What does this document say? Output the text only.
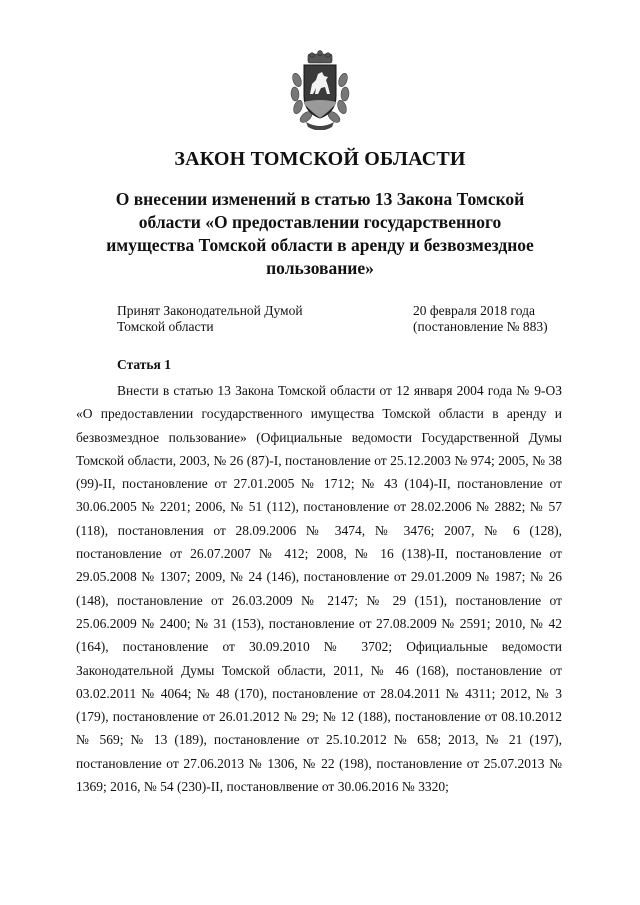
ЗАКОН ТОМСКОЙ ОБЛАСТИ
О внесении изменений в статью 13 Закона Томской
области «О предоставлении государственного
имущества Томской области в аренду и безвозмездное
пользование»
Принят Законодательной Думой
Томской области
20 февраля 2018 года
(постановление № 883)
Статья 1

Внести в статью 13 Закона Томской области от 12 января 2004 года № 9-ОЗ «О предоставлении государственного имущества Томской области в аренду и безвозмездное пользование» (Официальные ведомости Государственной Думы Томской области, 2003, № 26 (87)-I, постановление от 25.12.2003 № 974; 2005, № 38 (99)-II, постановление от 27.01.2005 № 1712; № 43 (104)-II, постановление от 30.06.2005 № 2201; 2006, № 51 (112), постановление от 28.02.2006 № 2882; № 57 (118), постановления от 28.09.2006 № 3474, № 3476; 2007, № 6 (128), постановление от 26.07.2007 № 412; 2008, № 16 (138)-II, постановление от 29.05.2008 № 1307; 2009, № 24 (146), постановление от 29.01.2009 № 1987; № 26 (148), постановление от 26.03.2009 № 2147; № 29 (151), постановление от 25.06.2009 № 2400; № 31 (153), постановление от 27.08.2009 № 2591; 2010, № 42 (164), постановление от 30.09.2010 № 3702; Официальные ведомости Законодательной Думы Томской области, 2011, № 46 (168), постановление от 03.02.2011 № 4064; № 48 (170), постановление от 28.04.2011 № 4311; 2012, № 3 (179), постановление от 26.01.2012 № 29; № 12 (188), постановление от 08.10.2012 № 569; № 13 (189), постановление от 25.10.2012 № 658; 2013, № 21 (197), постановление от 27.06.2013 № 1306, № 22 (198), постановление от 25.07.2013 № 1369; 2016, № 54 (230)-II, постановлвение от 30.06.2016 № 3320;
